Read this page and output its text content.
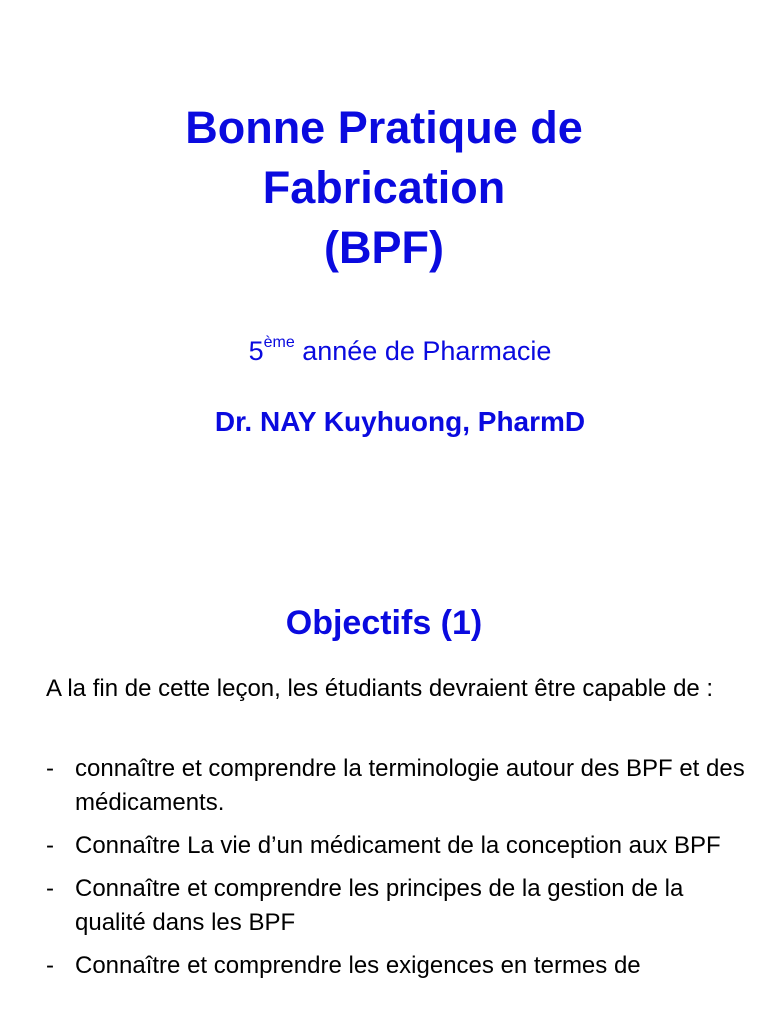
Bonne Pratique de
Fabrication
(BPF)

5ème année de Pharmacie

Dr. NAY Kuyhuong, PharmD

Objectifs (1)

A la fin de cette leçon, les étudiants devraient être capable de :

- connaître et comprendre la terminologie autour des BPF et des médicaments.
- Connaître La vie d’un médicament de la conception aux BPF
- Connaître et comprendre les principes de la gestion de la qualité dans les BPF
- Connaître et comprendre les exigences en termes de
